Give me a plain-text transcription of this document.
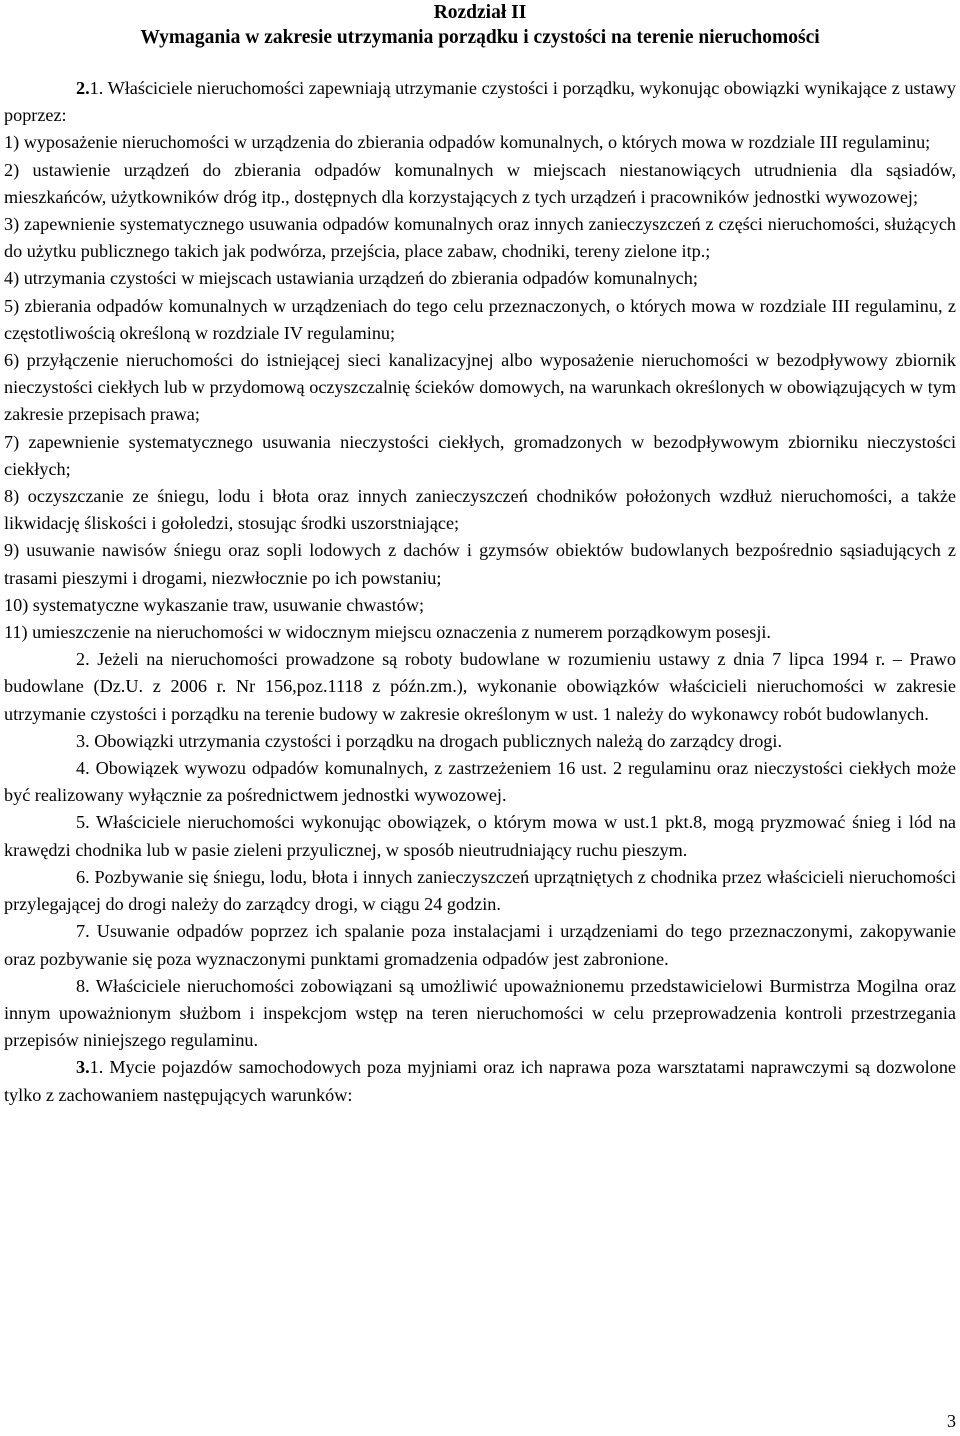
Rozdział II

Wymagania w zakresie utrzymania porządku i czystości na terenie nieruchomości

2.1. Właściciele nieruchomości zapewniają utrzymanie czystości i porządku, wykonując obowiązki wynikające z ustawy poprzez:

1) wyposażenie nieruchomości w urządzenia do zbierania odpadów komunalnych, o których mowa w rozdziale III regulaminu;

2) ustawienie urządzeń do zbierania odpadów komunalnych w miejscach niestanowiących utrudnienia dla sąsiadów, mieszkańców, użytkowników dróg itp., dostępnych dla korzystających z tych urządzeń i pracowników jednostki wywozowej;

3) zapewnienie systematycznego usuwania odpadów komunalnych oraz innych zanieczyszczeń z części nieruchomości, służących do użytku publicznego takich jak podwórza, przejścia, place zabaw, chodniki, tereny zielone itp.;

4) utrzymania czystości w miejscach ustawiania urządzeń do zbierania odpadów komunalnych;

5) zbierania odpadów komunalnych w urządzeniach do tego celu przeznaczonych, o których mowa w rozdziale III regulaminu, z częstotliwością określoną w rozdziale IV regulaminu;

6) przyłączenie nieruchomości do istniejącej sieci kanalizacyjnej albo wyposażenie nieruchomości w bezodpływowy zbiornik nieczystości ciekłych lub w przydomową oczyszczalnię ścieków domowych, na warunkach określonych w obowiązujących w tym zakresie przepisach prawa;

7) zapewnienie systematycznego usuwania nieczystości ciekłych, gromadzonych w bezodpływowym zbiorniku nieczystości ciekłych;

8) oczyszczanie ze śniegu, lodu i błota oraz innych zanieczyszczeń chodników położonych wzdłuż nieruchomości, a także likwidację śliskości i gołoledzi, stosując środki uszorstniające;

9) usuwanie nawisów śniegu oraz sopli lodowych z dachów i gzymsów obiektów budowlanych bezpośrednio sąsiadujących z trasami pieszymi i drogami, niezwłocznie po ich powstaniu;

10) systematyczne wykaszanie traw, usuwanie chwastów;

11) umieszczenie na nieruchomości w widocznym miejscu oznaczenia z numerem porządkowym posesji.

2. Jeżeli na nieruchomości prowadzone są roboty budowlane w rozumieniu ustawy z dnia 7 lipca 1994 r. – Prawo budowlane (Dz.U. z 2006 r. Nr 156,poz.1118 z późn.zm.), wykonanie obowiązków właścicieli nieruchomości w zakresie utrzymanie czystości i porządku na terenie budowy w zakresie określonym w ust. 1 należy do wykonawcy robót budowlanych.

3. Obowiązki utrzymania czystości i porządku na drogach publicznych należą do zarządcy drogi.

4. Obowiązek wywozu odpadów komunalnych, z zastrzeżeniem 16 ust. 2 regulaminu oraz nieczystości ciekłych może być realizowany wyłącznie za pośrednictwem jednostki wywozowej.

5. Właściciele nieruchomości wykonując obowiązek, o którym mowa w ust.1 pkt.8, mogą pryzmować śnieg i lód na krawędzi chodnika lub w pasie zieleni przyulicznej, w sposób nieutrudniający ruchu pieszym.

6. Pozbywanie się śniegu, lodu, błota i innych zanieczyszczeń uprzątniętych z chodnika przez właścicieli nieruchomości przylegającej do drogi należy do zarządcy drogi, w ciągu 24 godzin.

7. Usuwanie odpadów poprzez ich spalanie poza instalacjami i urządzeniami do tego przeznaczonymi, zakopywanie oraz pozbywanie się poza wyznaczonymi punktami gromadzenia odpadów jest zabronione.

8. Właściciele nieruchomości zobowiązani są umożliwić upoważnionemu przedstawicielowi Burmistrza Mogilna oraz innym upoważnionym służbom i inspekcjom wstęp na teren nieruchomości w celu przeprowadzenia kontroli przestrzegania przepisów niniejszego regulaminu.

3.1. Mycie pojazdów samochodowych poza myjniami oraz ich naprawa poza warsztatami naprawczymi są dozwolone tylko z zachowaniem następujących warunków:

3
